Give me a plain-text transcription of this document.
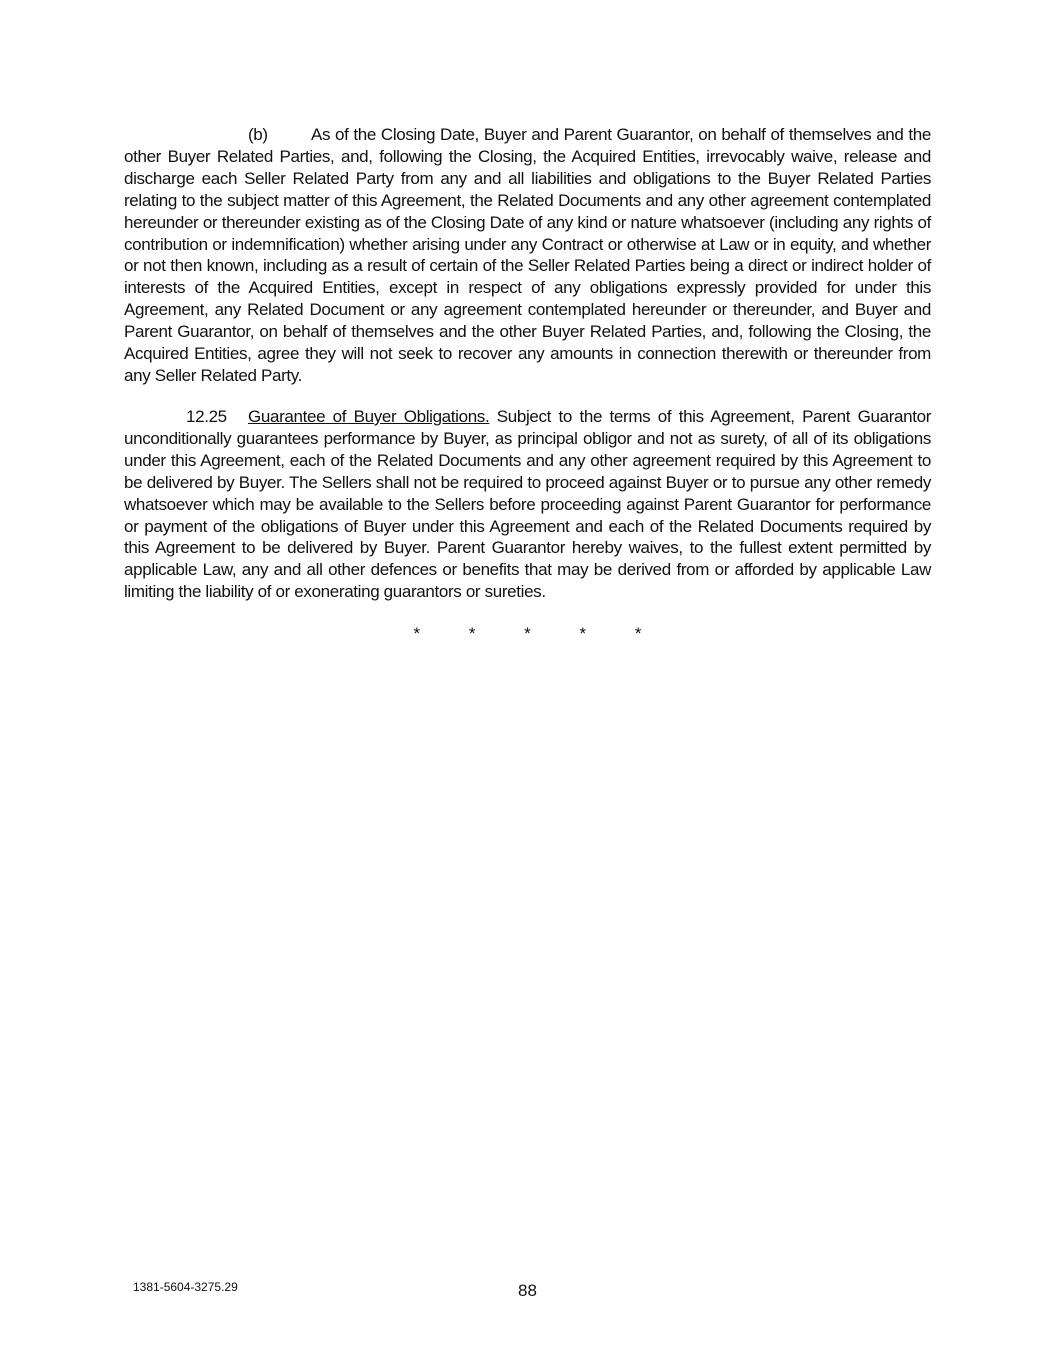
(b)	As of the Closing Date, Buyer and Parent Guarantor, on behalf of themselves and the other Buyer Related Parties, and, following the Closing, the Acquired Entities, irrevocably waive, release and discharge each Seller Related Party from any and all liabilities and obligations to the Buyer Related Parties relating to the subject matter of this Agreement, the Related Documents and any other agreement contemplated hereunder or thereunder existing as of the Closing Date of any kind or nature whatsoever (including any rights of contribution or indemnification) whether arising under any Contract or otherwise at Law or in equity, and whether or not then known, including as a result of certain of the Seller Related Parties being a direct or indirect holder of interests of the Acquired Entities, except in respect of any obligations expressly provided for under this Agreement, any Related Document or any agreement contemplated hereunder or thereunder, and Buyer and Parent Guarantor, on behalf of themselves and the other Buyer Related Parties, and, following the Closing, the Acquired Entities, agree they will not seek to recover any amounts in connection therewith or thereunder from any Seller Related Party.

12.25 Guarantee of Buyer Obligations. Subject to the terms of this Agreement, Parent Guarantor unconditionally guarantees performance by Buyer, as principal obligor and not as surety, of all of its obligations under this Agreement, each of the Related Documents and any other agreement required by this Agreement to be delivered by Buyer. The Sellers shall not be required to proceed against Buyer or to pursue any other remedy whatsoever which may be available to the Sellers before proceeding against Parent Guarantor for performance or payment of the obligations of Buyer under this Agreement and each of the Related Documents required by this Agreement to be delivered by Buyer. Parent Guarantor hereby waives, to the fullest extent permitted by applicable Law, any and all other defences or benefits that may be derived from or afforded by applicable Law limiting the liability of or exonerating guarantors or sureties.

* * * * *

1381-5604-3275.29	88
